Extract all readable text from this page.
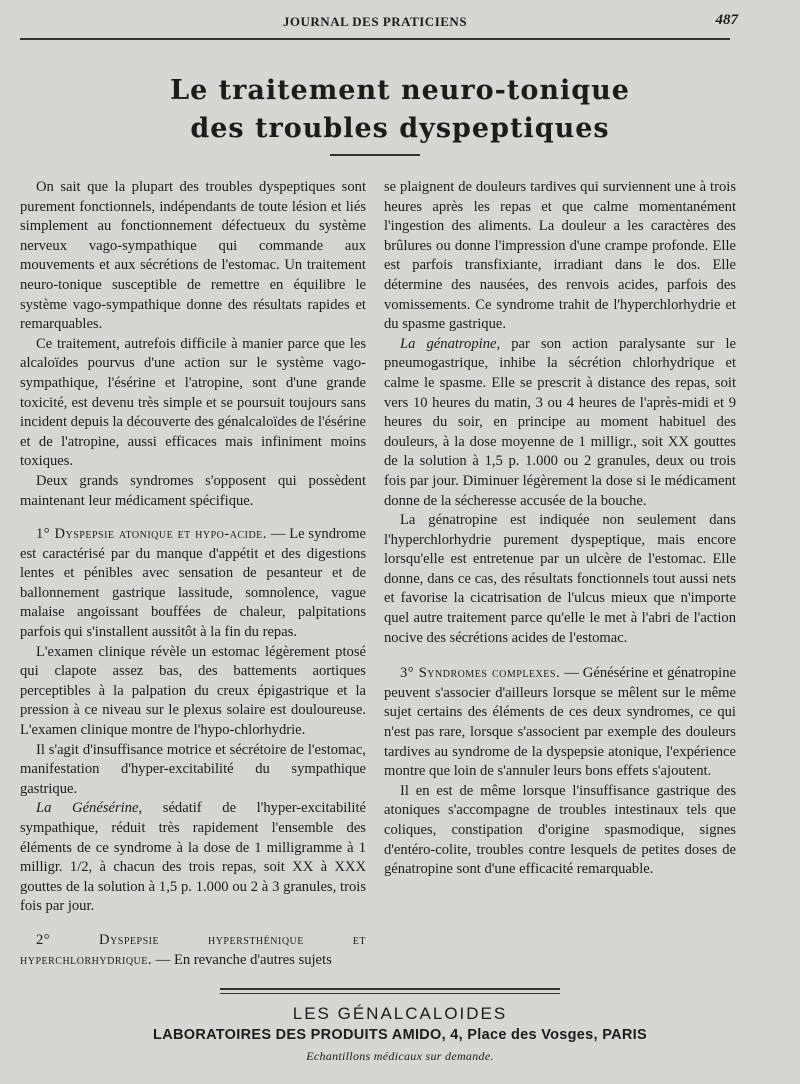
JOURNAL DES PRATICIENS	487
Le traitement neuro-tonique
des troubles dyspeptiques

On sait que la plupart des troubles dyspeptiques sont purement fonctionnels, indépendants de toute lésion et liés simplement au fonctionnement défectueux du système nerveux vago-sympathique qui commande aux mouvements et aux sécrétions de l'estomac. Un traitement neuro-tonique susceptible de remettre en équilibre le système vago-sympathique donne des résultats rapides et remarquables.

Ce traitement, autrefois difficile à manier parce que les alcaloïdes pourvus d'une action sur le système vago-sympathique, l'ésérine et l'atropine, sont d'une grande toxicité, est devenu très simple et se poursuit toujours sans incident depuis la découverte des génalcaloïdes de l'ésérine et de l'atropine, aussi efficaces mais infiniment moins toxiques.

Deux grands syndromes s'opposent qui possèdent maintenant leur médicament spécifique.

1° Dyspepsie atonique et hypo-acide. — Le syndrome est caractérisé par du manque d'appétit et des digestions lentes et pénibles avec sensation de pesanteur et de ballonnement gastrique lassitude, somnolence, vague malaise angoissant bouffées de chaleur, palpitations parfois qui s'installent aussitôt à la fin du repas.

L'examen clinique révèle un estomac légèrement ptosé qui clapote assez bas, des battements aortiques perceptibles à la palpation du creux épigastrique et la pression à ce niveau sur le plexus solaire est douloureuse. L'examen clinique montre de l'hypo-chlorhydrie.

Il s'agit d'insuffisance motrice et sécrétoire de l'estomac, manifestation d'hyper-excitabilité du sympathique gastrique.

La Génésérine, sédatif de l'hyper-excitabilité sympathique, réduit très rapidement l'ensemble des éléments de ce syndrome à la dose de 1 milligramme à 1 milligr. 1/2, à chacun des trois repas, soit XX à XXX gouttes de la solution à 1,5 p. 1.000 ou 2 à 3 granules, trois fois par jour.

2° Dyspepsie hypersthénique et hyperchlorhydrique. — En revanche d'autres sujets

se plaignent de douleurs tardives qui surviennent une à trois heures après les repas et que calme momentanément l'ingestion des aliments. La douleur a les caractères des brûlures ou donne l'impression d'une crampe profonde. Elle est parfois transfixiante, irradiant dans le dos. Elle détermine des nausées, des renvois acides, parfois des vomissements. Ce syndrome trahit de l'hyperchlorhydrie et du spasme gastrique.

La génatropine, par son action paralysante sur le pneumogastrique, inhibe la sécrétion chlorhydrique et calme le spasme. Elle se prescrit à distance des repas, soit vers 10 heures du matin, 3 ou 4 heures de l'après-midi et 9 heures du soir, en principe au moment habituel des douleurs, à la dose moyenne de 1 milligr., soit XX gouttes de la solution à 1,5 p. 1.000 ou 2 granules, deux ou trois fois par jour. Diminuer légèrement la dose si le médicament donne de la sécheresse accusée de la bouche.

La génatropine est indiquée non seulement dans l'hyperchlorhydrie purement dyspeptique, mais encore lorsqu'elle est entretenue par un ulcère de l'estomac. Elle donne, dans ce cas, des résultats fonctionnels tout aussi nets et favorise la cicatrisation de l'ulcus mieux que n'importe quel autre traitement parce qu'elle le met à l'abri de l'action nocive des sécrétions acides de l'estomac.

3° Syndromes complexes. — Génésérine et génatropine peuvent s'associer d'ailleurs lorsque se mêlent sur le même sujet certains des éléments de ces deux syndromes, ce qui n'est pas rare, lorsque s'associent par exemple des douleurs tardives au syndrome de la dyspepsie atonique, l'expérience montre que loin de s'annuler leurs bons effets s'ajoutent.

Il en est de même lorsque l'insuffisance gastrique des atoniques s'accompagne de troubles intestinaux tels que coliques, constipation d'origine spasmodique, signes d'entéro-colite, troubles contre lesquels de petites doses de génatropine sont d'une efficacité remarquable.

LES GÉNALCALOIDES
LABORATOIRES DES PRODUITS AMIDO, 4, Place des Vosges, PARIS
Echantillons médicaux sur demande.
